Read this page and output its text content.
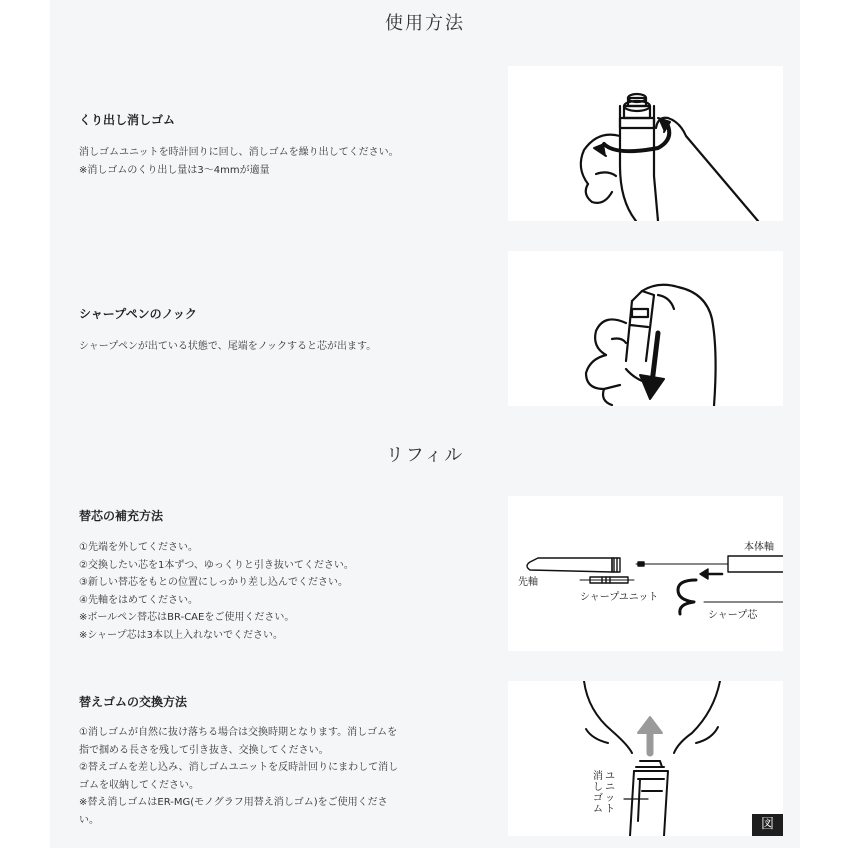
使用方法
くり出し消しゴム

消しゴムユニットを時計回りに回し、消しゴムを繰り出してください。

※消しゴムのくり出し量は3〜4mmが適量

シャープペンのノック

シャープペンが出ている状態で、尾端をノックすると芯が出ます。

リフィル
替芯の補充方法

①先端を外してください。

②交換したい芯を1本ずつ、ゆっくりと引き抜いてください。

③新しい替芯をもとの位置にしっかり差し込んでください。

④先軸をはめてください。

※ボールペン替芯はBR-CAEをご使用ください。

※シャープ芯は3本以上入れないでください。

本体軸
先軸
シャープユニット
シャープ芯
替えゴムの交換方法

①消しゴムが自然に抜け落ちる場合は交換時期となります。消しゴムを

指で掴める長さを残して引き抜き、交換してください。

②替えゴムを差し込み、消しゴムユニットを反時計回りにまわして消し

ゴムを収納してください。

※替え消しゴムはER-MG(モノグラフ用替え消しゴム)をご使用くださ

い。

消しゴム
ユニット
図
